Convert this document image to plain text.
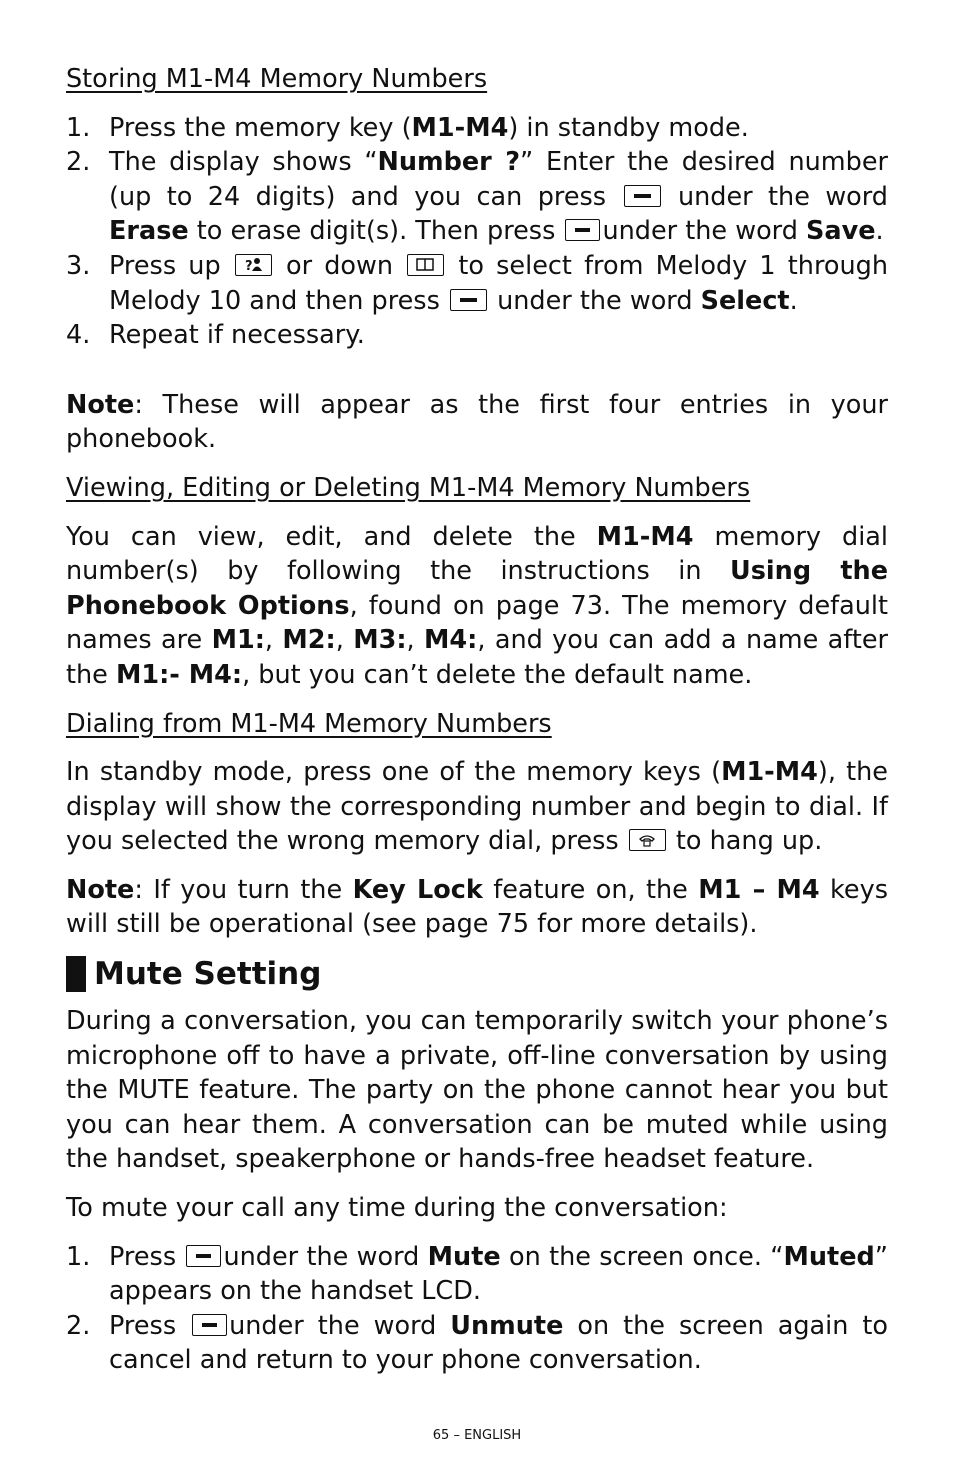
Storing M1-M4 Memory Numbers

1. Press the memory key (M1-M4) in standby mode.
2. The display shows “Number ?” Enter the desired number (up to 24 digits) and you can press  under the word Erase to erase digit(s). Then press under the word Save.
3. Press up ? or down
to select from Melody 1 through Melody 10 and then press  under the word Select.
4. Repeat if necessary.

Note: These will appear as the first four entries in your phonebook.

Viewing, Editing or Deleting M1-M4 Memory Numbers

You can view, edit, and delete the M1-M4 memory dial number(s) by following the instructions in Using the Phonebook Options, found on page 73. The memory default names are M1:, M2:, M3:, M4:, and you can add a name after the M1:- M4:, but you can’t delete the default name.

Dialing from M1-M4 Memory Numbers

In standby mode, press one of the memory keys (M1-M4), the display will show the corresponding number and begin to dial. If you selected the wrong memory dial, press
to hang up.

Note: If you turn the Key Lock feature on, the M1 – M4 keys will still be operational (see page 75 for more details).

Mute Setting

During a conversation, you can temporarily switch your phone’s microphone off to have a private, off-line conversation by using the MUTE feature. The party on the phone cannot hear you but you can hear them. A conversation can be muted while using the handset, speakerphone or hands-free headset feature.

To mute your call any time during the conversation:

1. Press under the word Mute on the screen once. “Muted” appears on the handset LCD.
2. Press under the word Unmute on the screen again to cancel and return to your phone conversation.
65 – ENGLISH
